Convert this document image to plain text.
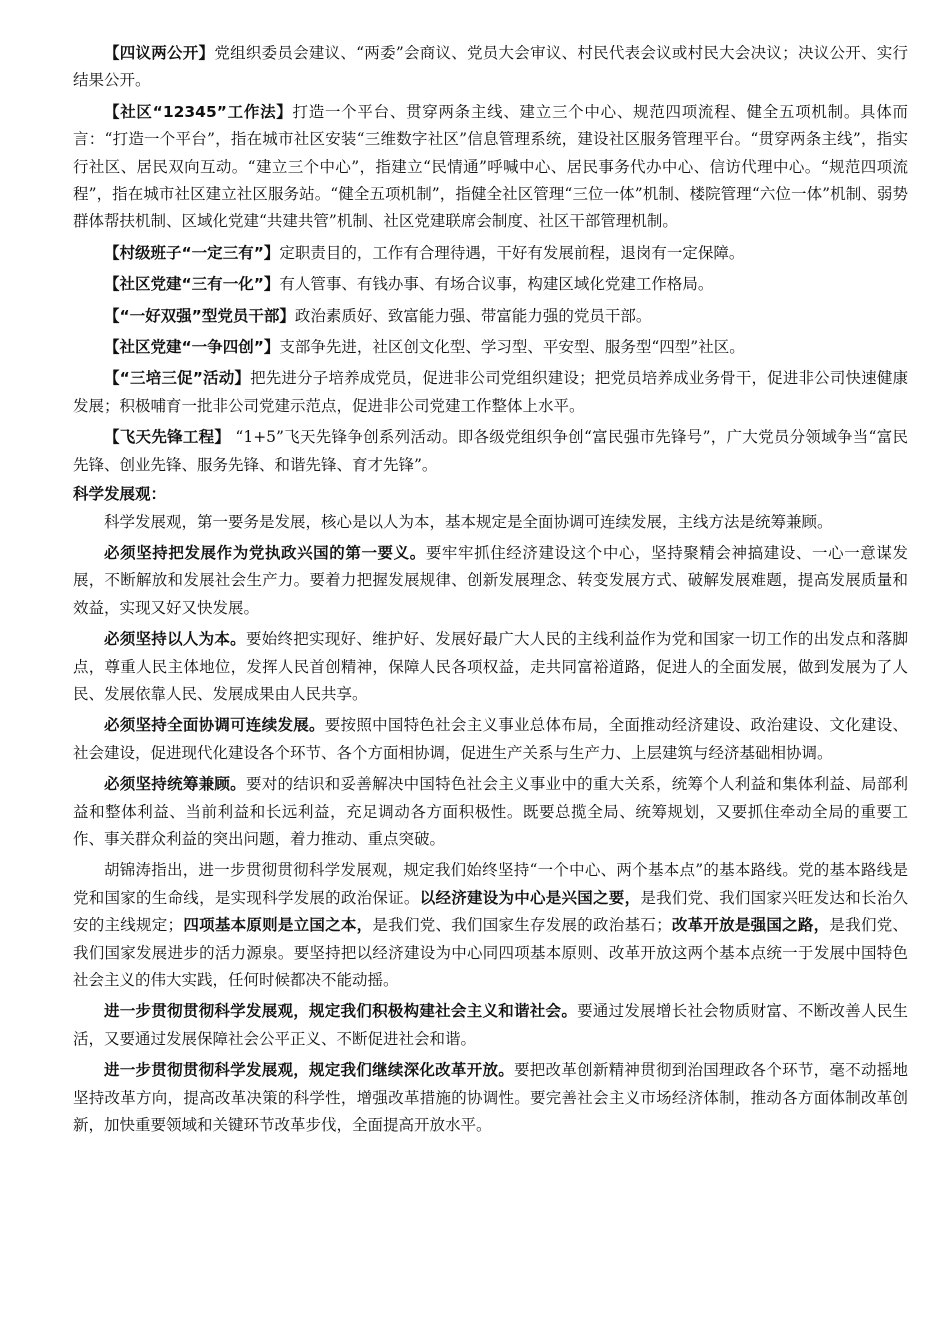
【四议两公开】党组织委员会建议、“两委”会商议、党员大会审议、村民代表会议或村民大会决议；决议公开、实行结果公开。

【社区“12345”工作法】打造一个平台、贯穿两条主线、建立三个中心、规范四项流程、健全五项机制。具体而言：“打造一个平台”，指在城市社区安装“三维数字社区”信息管理系统，建设社区服务管理平台。“贯穿两条主线”，指实行社区、居民双向互动。“建立三个中心”，指建立“民情通”呼喊中心、居民事务代办中心、信访代理中心。“规范四项流程”，指在城市社区建立社区服务站。“健全五项机制”，指健全社区管理“三位一体”机制、楼院管理“六位一体”机制、弱势群体帮扶机制、区域化党建“共建共管”机制、社区党建联席会制度、社区干部管理机制。

【村级班子“一定三有”】定职责目的，工作有合理待遇，干好有发展前程，退岗有一定保障。

【社区党建“三有一化”】有人管事、有钱办事、有场合议事，构建区域化党建工作格局。

【“一好双强”型党员干部】政治素质好、致富能力强、带富能力强的党员干部。

【社区党建“一争四创”】支部争先进，社区创文化型、学习型、平安型、服务型“四型”社区。

【“三培三促”活动】把先进分子培养成党员，促进非公司党组织建设；把党员培养成业务骨干，促进非公司快速健康发展；积极哺育一批非公司党建示范点，促进非公司党建工作整体上水平。

【飞天先锋工程】 “1+5”飞天先锋争创系列活动。即各级党组织争创“富民强市先锋号”，广大党员分领域争当“富民先锋、创业先锋、服务先锋、和谐先锋、育才先锋”。

科学发展观：

科学发展观，第一要务是发展，核心是以人为本，基本规定是全面协调可连续发展，主线方法是统筹兼顾。

必须坚持把发展作为党执政兴国的第一要义。要牢牢抓住经济建设这个中心，坚持聚精会神搞建设、一心一意谋发展，不断解放和发展社会生产力。要着力把握发展规律、创新发展理念、转变发展方式、破解发展难题，提高发展质量和效益，实现又好又快发展。

必须坚持以人为本。要始终把实现好、维护好、发展好最广大人民的主线利益作为党和国家一切工作的出发点和落脚点，尊重人民主体地位，发挥人民首创精神，保障人民各项权益，走共同富裕道路，促进人的全面发展，做到发展为了人民、发展依靠人民、发展成果由人民共享。

必须坚持全面协调可连续发展。要按照中国特色社会主义事业总体布局，全面推动经济建设、政治建设、文化建设、社会建设，促进现代化建设各个环节、各个方面相协调，促进生产关系与生产力、上层建筑与经济基础相协调。

必须坚持统筹兼顾。要对的结识和妥善解决中国特色社会主义事业中的重大关系，统筹个人利益和集体利益、局部利益和整体利益、当前利益和长远利益，充足调动各方面积极性。既要总揽全局、统筹规划，又要抓住牵动全局的重要工作、事关群众利益的突出问题，着力推动、重点突破。

胡锦涛指出，进一步贯彻贯彻科学发展观，规定我们始终坚持“一个中心、两个基本点”的基本路线。党的基本路线是党和国家的生命线，是实现科学发展的政治保证。以经济建设为中心是兴国之要，是我们党、我们国家兴旺发达和长治久安的主线规定；四项基本原则是立国之本，是我们党、我们国家生存发展的政治基石；改革开放是强国之路，是我们党、我们国家发展进步的活力源泉。要坚持把以经济建设为中心同四项基本原则、改革开放这两个基本点统一于发展中国特色社会主义的伟大实践，任何时候都决不能动摇。

进一步贯彻贯彻科学发展观，规定我们积极构建社会主义和谐社会。要通过发展增长社会物质财富、不断改善人民生活，又要通过发展保障社会公平正义、不断促进社会和谐。

进一步贯彻贯彻科学发展观，规定我们继续深化改革开放。要把改革创新精神贯彻到治国理政各个环节，毫不动摇地坚持改革方向，提高改革决策的科学性，增强改革措施的协调性。要完善社会主义市场经济体制，推动各方面体制改革创新，加快重要领域和关键环节改革步伐，全面提高开放水平。
